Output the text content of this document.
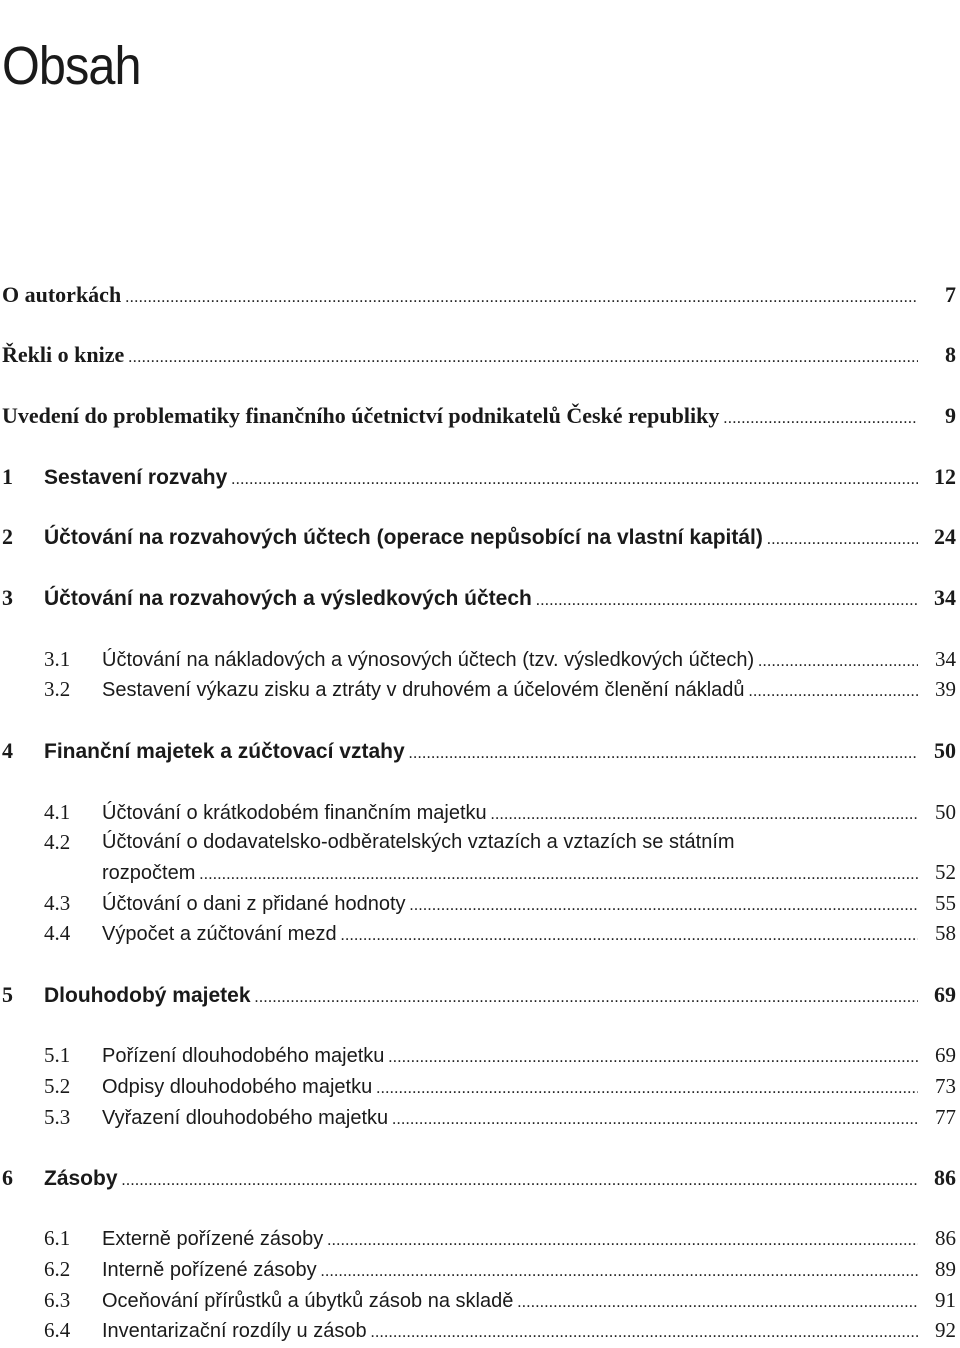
Obsah
O autorkách .....	7
Řekli o knize .....	8
Uvedení do problematiky finančního účetnictví podnikatelů České republiky .....	9
1 Sestavení rozvahy .....	12
2 Účtování na rozvahových účtech (operace nepůsobící na vlastní kapitál) .....	24
3 Účtování na rozvahových a výsledkových účtech .....	34
3.1 Účtování na nákladových a výnosových účtech (tzv. výsledkových účtech) .....	34
3.2 Sestavení výkazu zisku a ztráty v druhovém a účelovém členění nákladů .....	39
4 Finanční majetek a zúčtovací vztahy .....	50
4.1 Účtování o krátkodobém finančním majetku .....	50
4.2 Účtování o dodavatelsko-odběratelských vztazích a vztazích se státním
rozpočtem .....	52
4.3 Účtování o dani z přidané hodnoty .....	55
4.4 Výpočet a zúčtování mezd .....	58
5 Dlouhodobý majetek .....	69
5.1 Pořízení dlouhodobého majetku .....	69
5.2 Odpisy dlouhodobého majetku .....	73
5.3 Vyřazení dlouhodobého majetku .....	77
6 Zásoby .....	86
6.1 Externě pořízené zásoby .....	86
6.2 Interně pořízené zásoby .....	89
6.3 Oceňování přírůstků a úbytků zásob na skladě .....	91
6.4 Inventarizační rozdíly u zásob .....	92
